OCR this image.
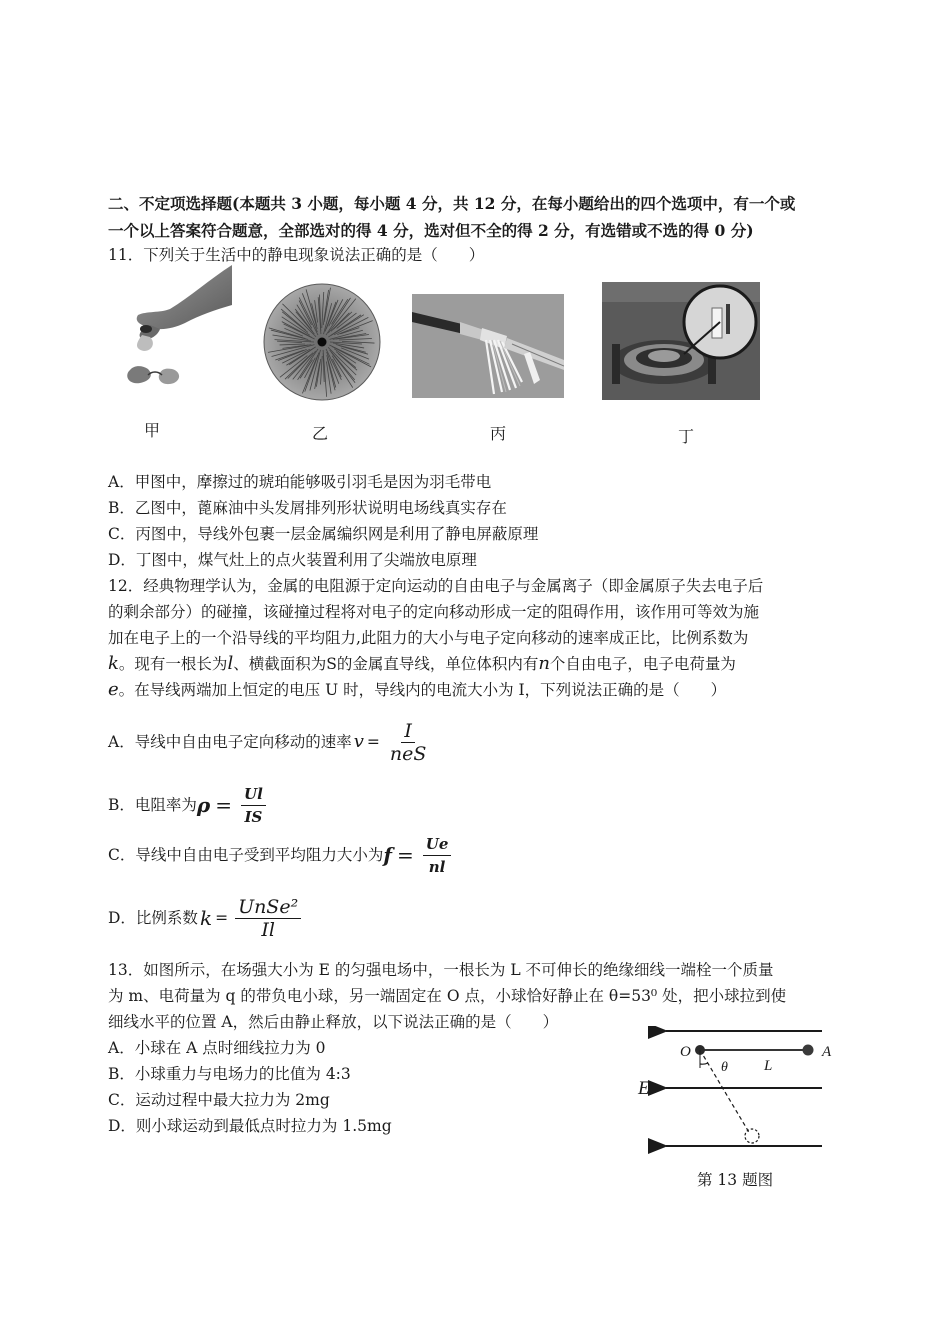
二、不定项选择题(本题共 3 小题，每小题 4 分，共 12 分，在每小题给出的四个选项中，有一个或
一个以上答案符合题意，全部选对的得 4 分，选对但不全的得 2 分，有选错或不选的得 0 分)
11．下列关于生活中的静电现象说法正确的是（　　）
甲	乙	丙	丁
A．甲图中，摩擦过的琥珀能够吸引羽毛是因为羽毛带电
B．乙图中，蓖麻油中头发屑排列形状说明电场线真实存在
C．丙图中，导线外包裹一层金属编织网是利用了静电屏蔽原理
D．丁图中，煤气灶上的点火装置利用了尖端放电原理
12．经典物理学认为，金属的电阻源于定向运动的自由电子与金属离子（即金属原子失去电子后
的剩余部分）的碰撞，该碰撞过程将对电子的定向移动形成一定的阻碍作用，该作用可等效为施
加在电子上的一个沿导线的平均阻力,此阻力的大小与电子定向移动的速率成正比，比例系数为
k。现有一根长为l、横截面积为S的金属直导线，单位体积内有n个自由电子，电子电荷量为
e。在导线两端加上恒定的电压 U 时，导线内的电流大小为 I，下列说法正确的是（　　）
A．导线中自由电子定向移动的速率 $v = \frac{I}{\text{neS}}$
B．电阻率为 $\rho = \frac{Ul}{IS}$
C．导线中自由电子受到平均阻力大小为 $f = \frac{Ue}{nl}$
D．比例系数 $k = \frac{\text{UnSe²}}{Il}$
13．如图所示，在场强大小为 E 的匀强电场中，一根长为 L 不可伸长的绝缘细线一端栓一个质量
为 m、电荷量为 q 的带负电小球，另一端固定在 O 点，小球恰好静止在 θ=53⁰ 处，把小球拉到使
细线水平的位置 A，然后由静止释放，以下说法正确的是（　　）
A．小球在 A 点时细线拉力为 0
B．小球重力与电场力的比值为 4:3
C．运动过程中最大拉力为 2mg
D．则小球运动到最低点时拉力为 1.5mg
O	A
θ L
E
第 13 题图
